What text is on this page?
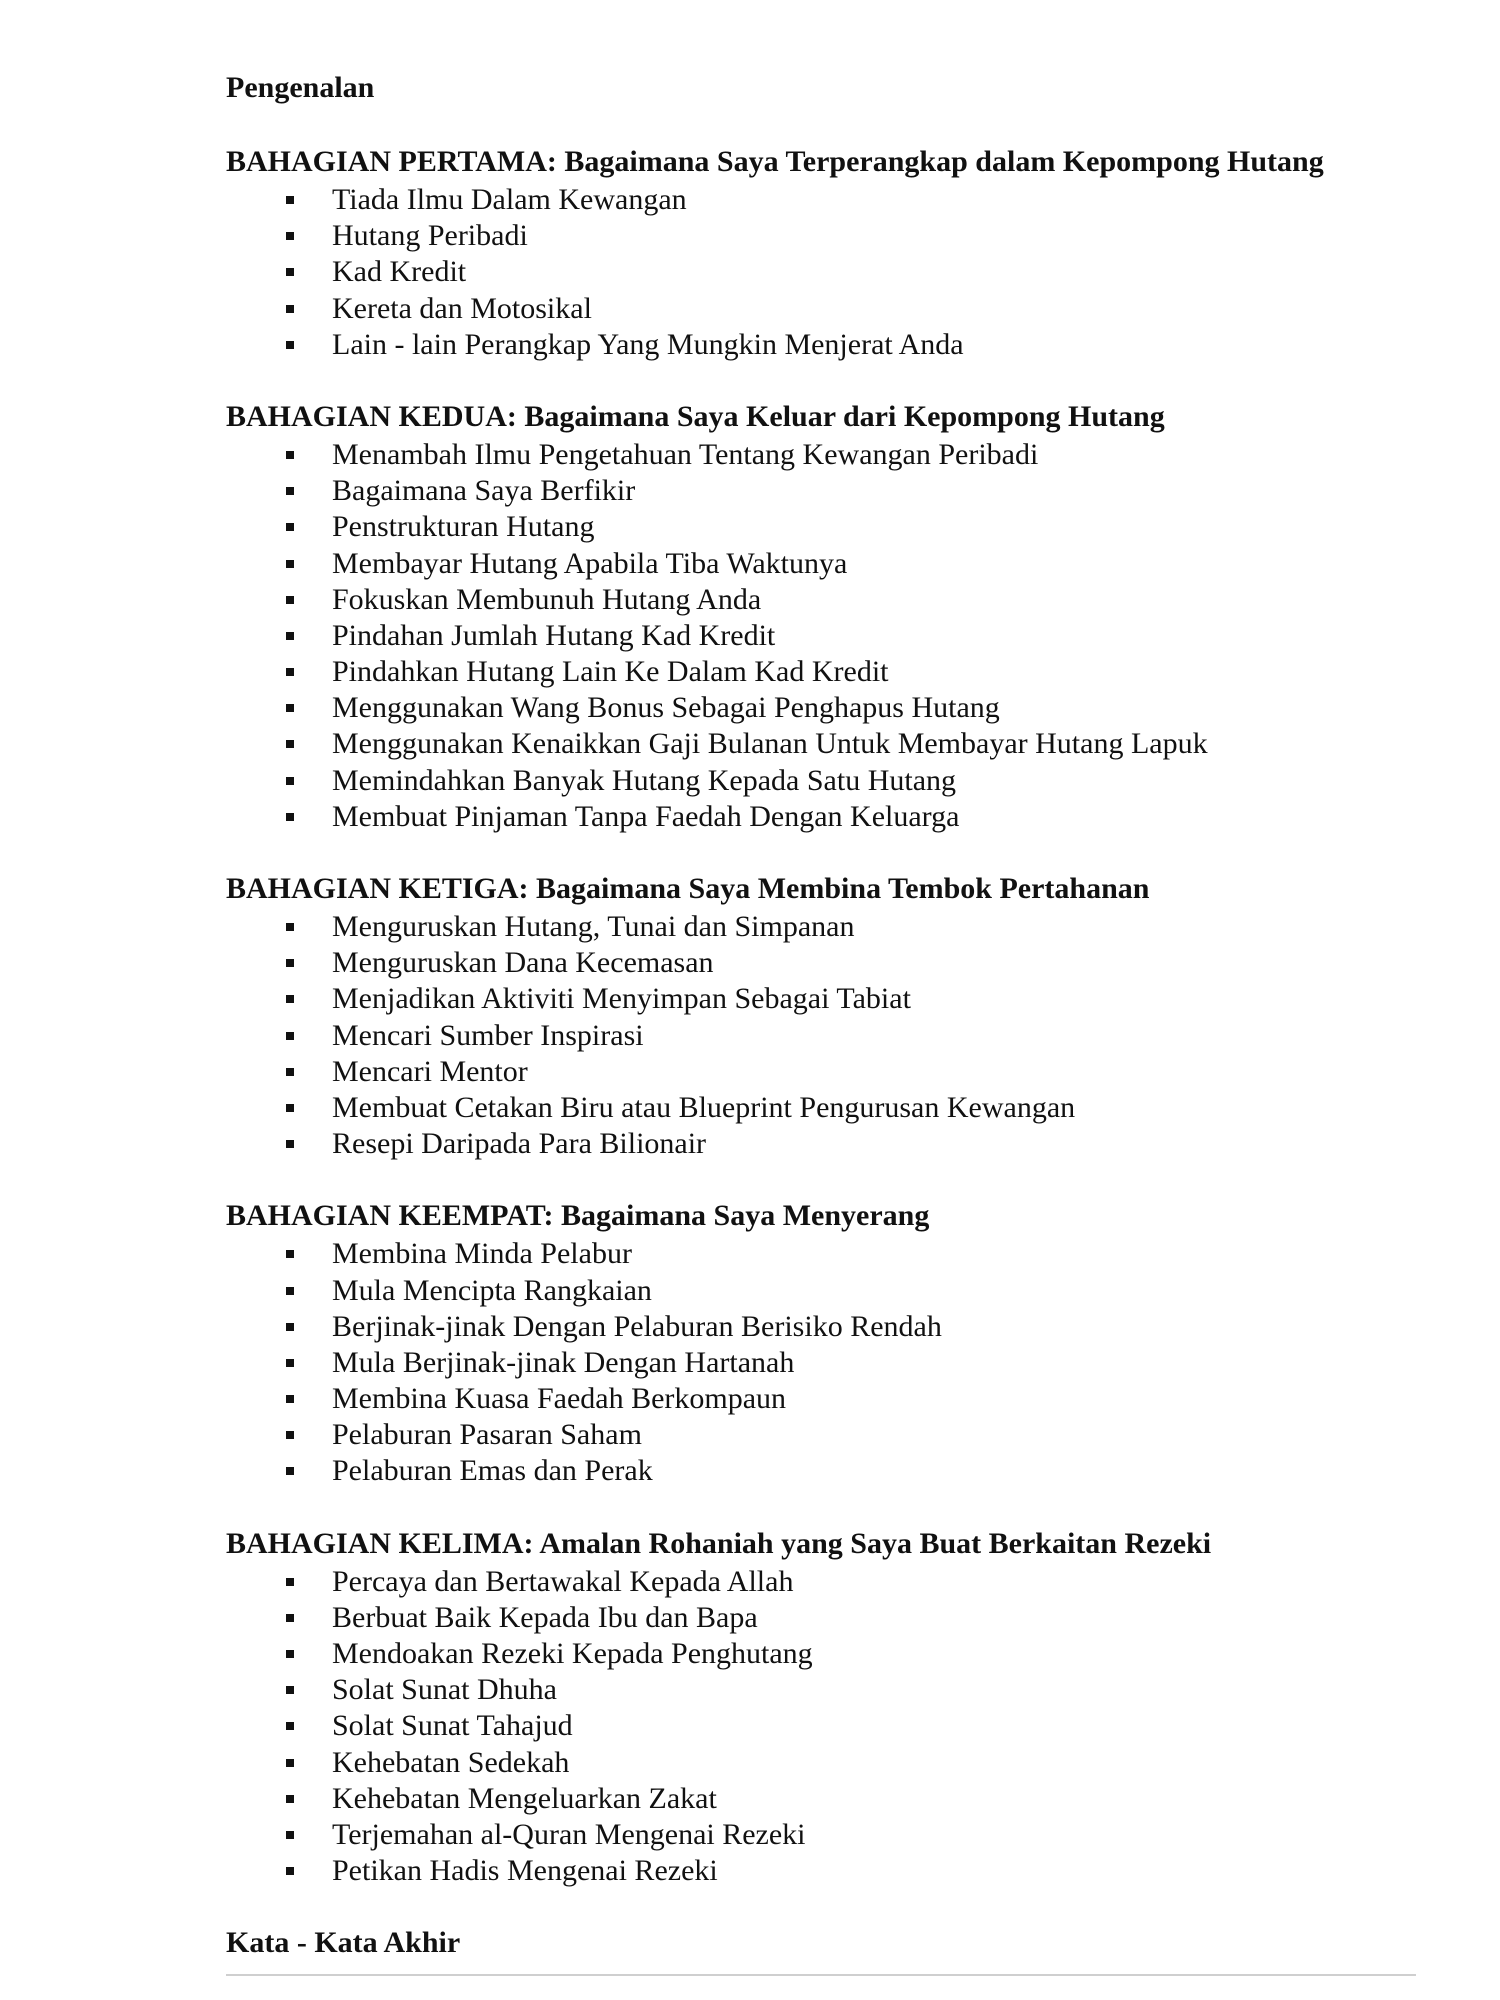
Pengenalan
BAHAGIAN PERTAMA: Bagaimana Saya Terperangkap dalam Kepompong Hutang
Tiada Ilmu Dalam Kewangan
Hutang Peribadi
Kad Kredit
Kereta dan Motosikal
Lain - lain Perangkap Yang Mungkin Menjerat Anda
BAHAGIAN KEDUA: Bagaimana Saya Keluar dari Kepompong Hutang
Menambah Ilmu Pengetahuan Tentang Kewangan Peribadi
Bagaimana Saya Berfikir
Penstrukturan Hutang
Membayar Hutang Apabila Tiba Waktunya
Fokuskan Membunuh Hutang Anda
Pindahan Jumlah Hutang Kad Kredit
Pindahkan Hutang Lain Ke Dalam Kad Kredit
Menggunakan Wang Bonus Sebagai Penghapus Hutang
Menggunakan Kenaikkan Gaji Bulanan Untuk Membayar Hutang Lapuk
Memindahkan Banyak Hutang Kepada Satu Hutang
Membuat Pinjaman Tanpa Faedah Dengan Keluarga
BAHAGIAN KETIGA: Bagaimana Saya Membina Tembok Pertahanan
Menguruskan Hutang, Tunai dan Simpanan
Menguruskan Dana Kecemasan
Menjadikan Aktiviti Menyimpan Sebagai Tabiat
Mencari Sumber Inspirasi
Mencari Mentor
Membuat Cetakan Biru atau Blueprint Pengurusan Kewangan
Resepi Daripada Para Bilionair
BAHAGIAN KEEMPAT: Bagaimana Saya Menyerang
Membina Minda Pelabur
Mula Mencipta Rangkaian
Berjinak-jinak Dengan Pelaburan Berisiko Rendah
Mula Berjinak-jinak Dengan Hartanah
Membina Kuasa Faedah Berkompaun
Pelaburan Pasaran Saham
Pelaburan Emas dan Perak
BAHAGIAN KELIMA: Amalan Rohaniah yang Saya Buat Berkaitan Rezeki
Percaya dan Bertawakal Kepada Allah
Berbuat Baik Kepada Ibu dan Bapa
Mendoakan Rezeki Kepada Penghutang
Solat Sunat Dhuha
Solat Sunat Tahajud
Kehebatan Sedekah
Kehebatan Mengeluarkan Zakat
Terjemahan al-Quran Mengenai Rezeki
Petikan Hadis Mengenai Rezeki
Kata - Kata Akhir
